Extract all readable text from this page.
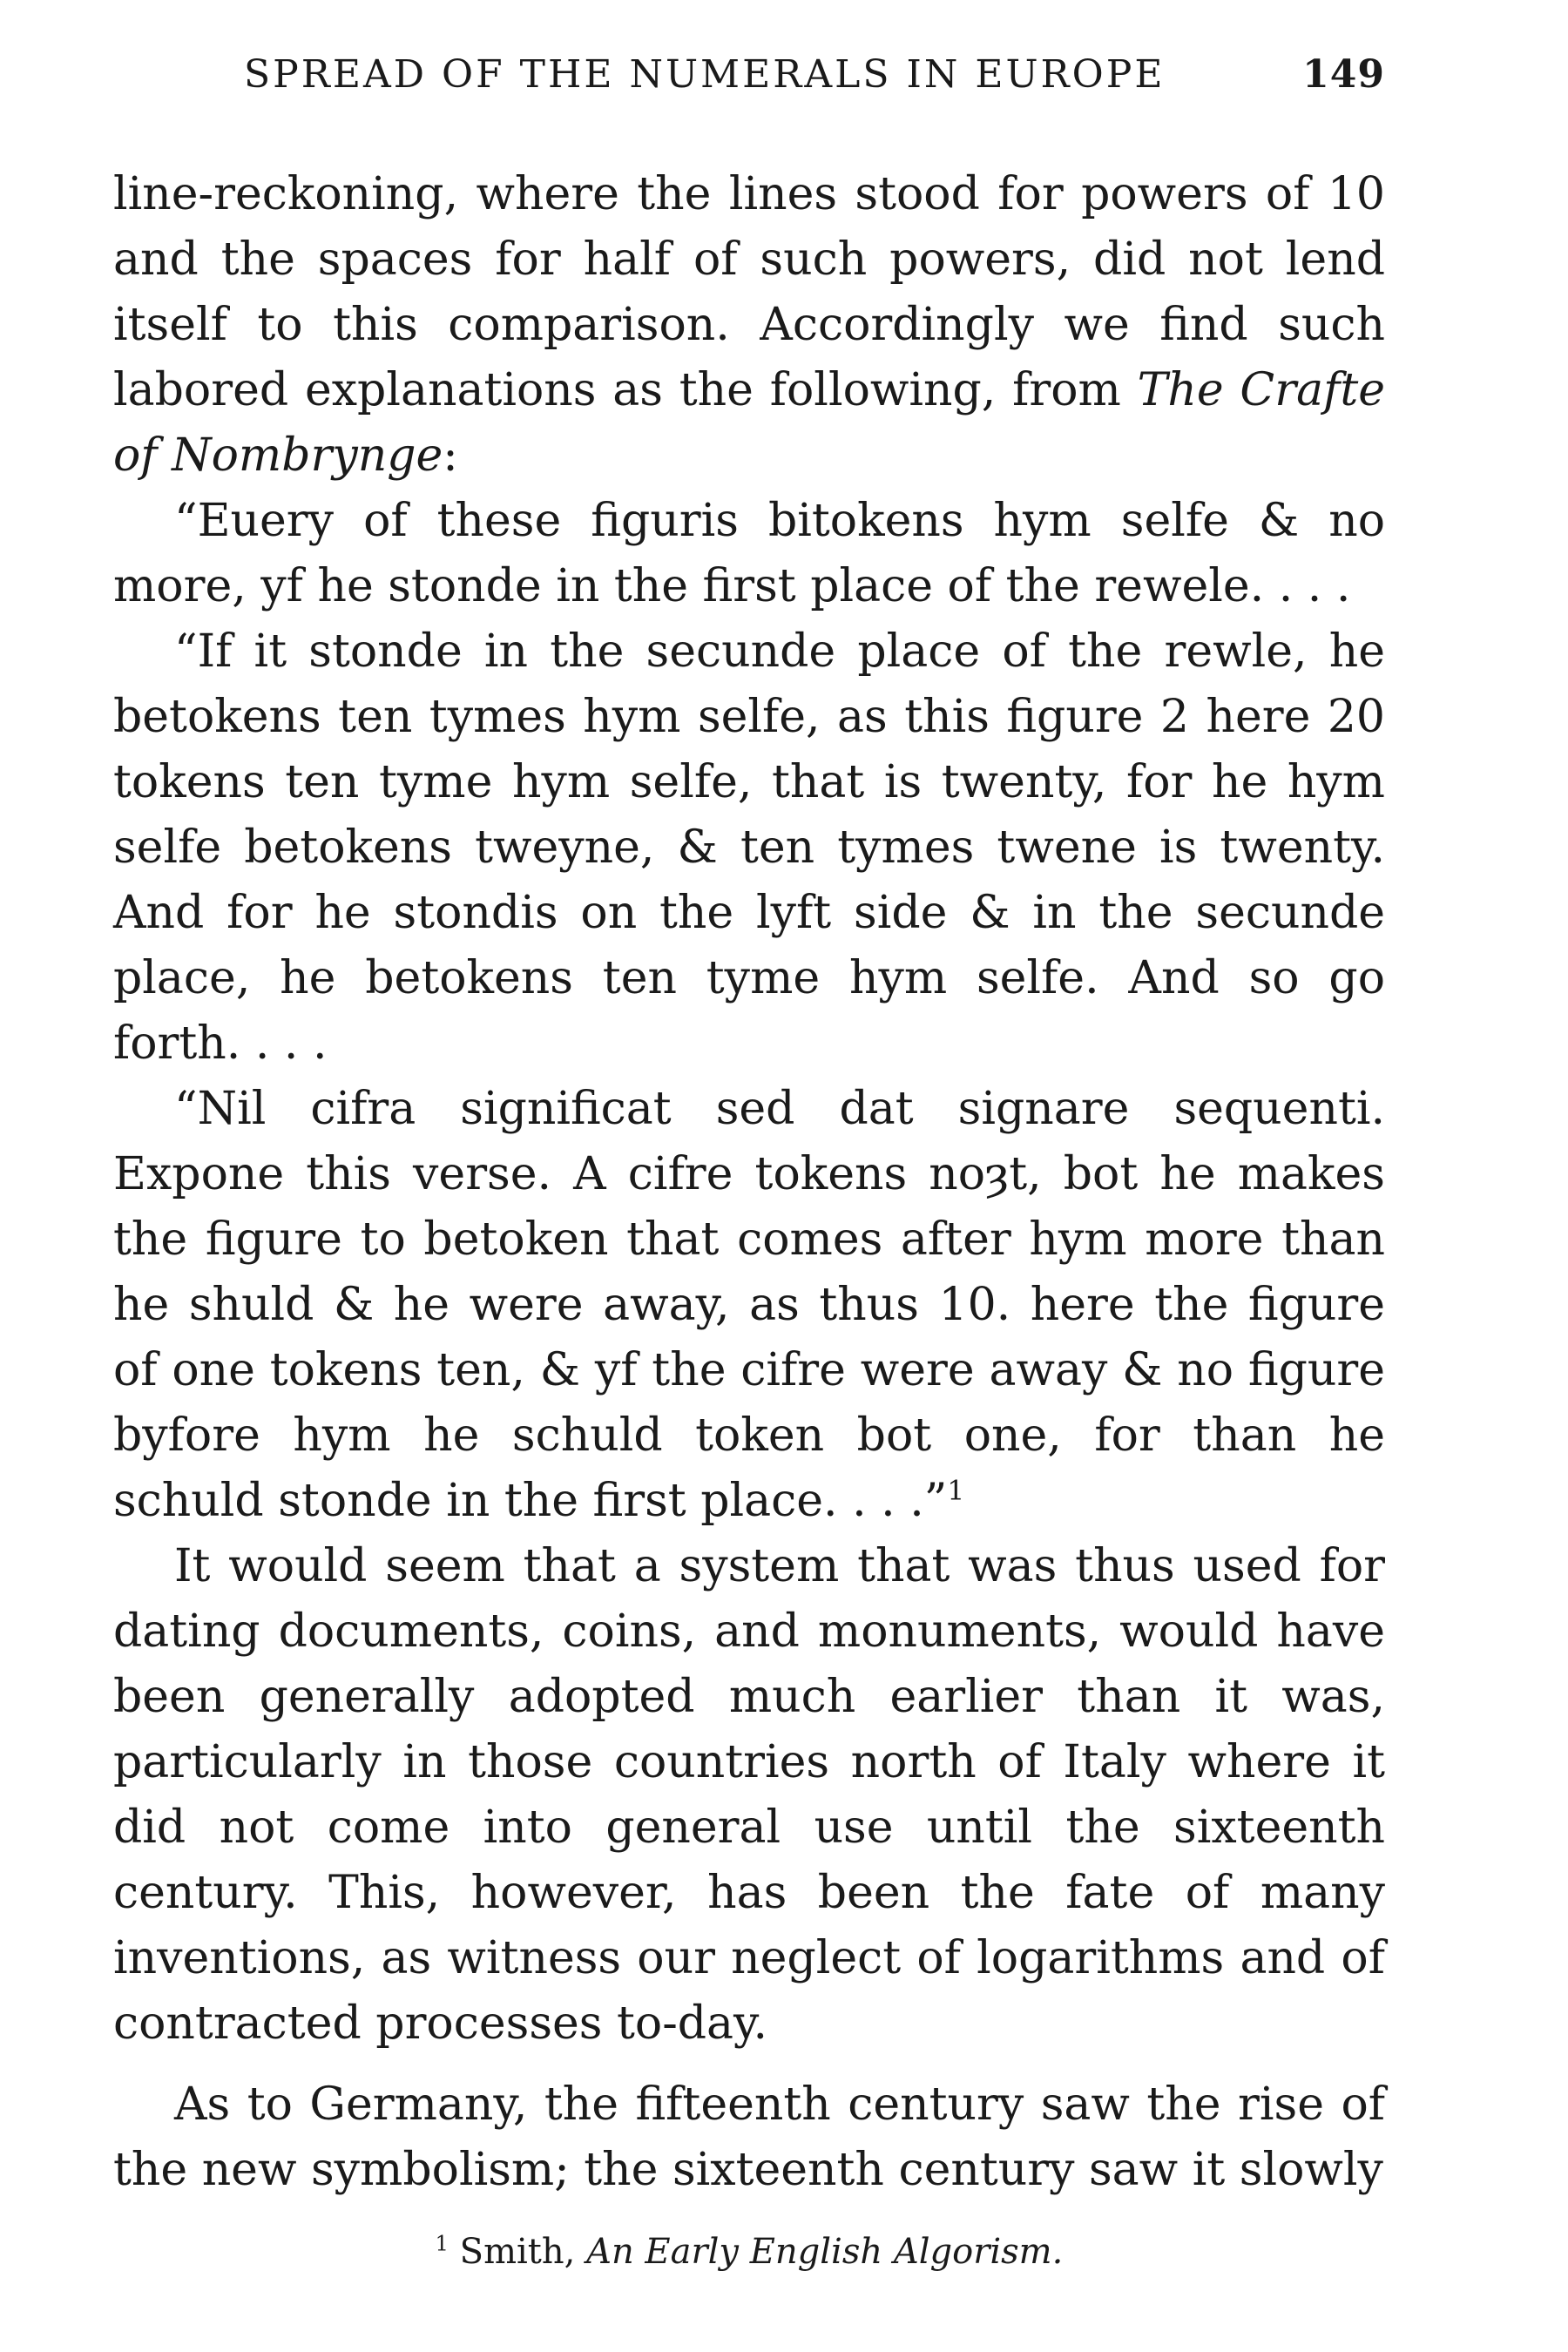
SPREAD OF THE NUMERALS IN EUROPE	149

line-reckoning, where the lines stood for powers of 10 and the spaces for half of such powers, did not lend itself to this comparison. Accordingly we find such labored explanations as the following, from The Crafte of Nombrynge:

“Euery of these figuris bitokens hym selfe & no more, yf he stonde in the first place of the rewele. . . .

“If it stonde in the secunde place of the rewle, he betokens ten tymes hym selfe, as this figure 2 here 20 tokens ten tyme hym selfe, that is twenty, for he hym selfe betokens tweyne, & ten tymes twene is twenty. And for he stondis on the lyft side & in the secunde place, he betokens ten tyme hym selfe. And so go forth. . . .

“Nil cifra significat sed dat signare sequenti. Expone this verse. A cifre tokens noȝt, bot he makes the figure to betoken that comes after hym more than he shuld & he were away, as thus 10. here the figure of one tokens ten, & yf the cifre were away & no figure byfore hym he schuld token bot one, for than he schuld stonde in the first place. . . .”$^1$

It would seem that a system that was thus used for dating documents, coins, and monuments, would have been generally adopted much earlier than it was, particularly in those countries north of Italy where it did not come into general use until the sixteenth century. This, however, has been the fate of many inventions, as witness our neglect of logarithms and of contracted processes to-day.

As to Germany, the fifteenth century saw the rise of the new symbolism; the sixteenth century saw it slowly

$^1$ Smith, An Early English Algorism.
